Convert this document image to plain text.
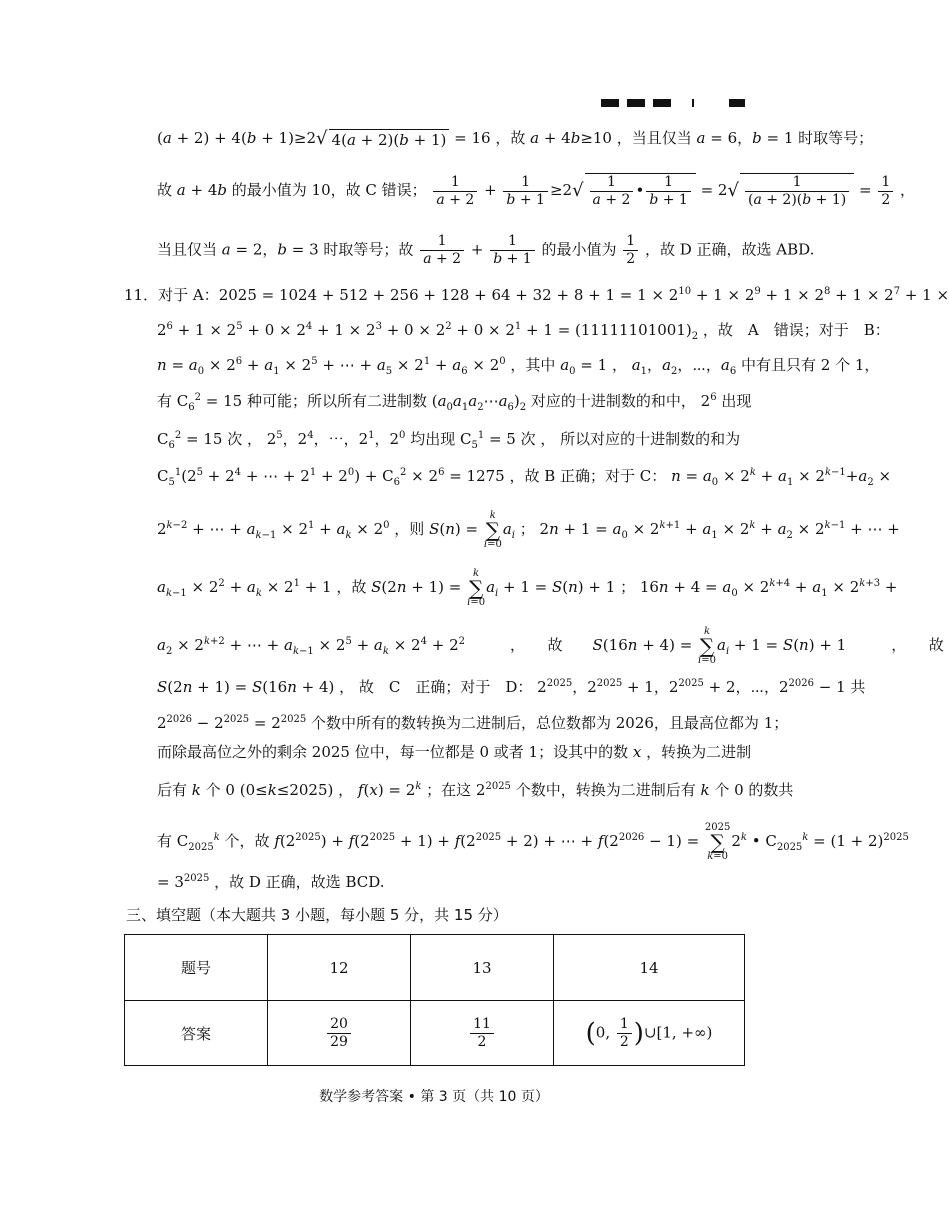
(a + 2) + 4(b + 1)≥2√ 4(a + 2)(b + 1) = 16 ，故 a + 4b≥10 ，当且仅当 a = 6，b = 1 时取等号；
故 a + 4b 的最小值为 10，故 C 错误； $\frac{1}{a + 2} + \frac{1}{b + 1} \ge 2√ \frac{1}{a + 2}$ • $\frac{1}{b + 1} = 2√ \frac{1}{(a + 2)(b + 1)} = \frac{1}{2}$ ，
当且仅当 a = 2，b = 3 时取等号；故 $\frac{1}{a + 2} + \frac{1}{b + 1}$ 的最小值为 $\frac{1}{2}$ ，故 D 正确，故选 ABD.
11．对于 A：$2025 = 1024 + 512 + 256 + 128 + 64 + 32 + 8 + 1 = 1 \times 2^{10} + 1 \times 2^9 + 1 \times 2^8 + 1 \times 2^7 + 1$ ×
$2^6 + 1 \times 2^5 + 0 \times 2^4 + 1 \times 2^3 + 0 \times 2^2 + 0 \times 2^1 + 1 = (11111101001)_2$ ，故　A　错误；对于　B：
$n = a_0 \times 2^6 + a_1 \times 2^5$ + ⋯ + $a_5 \times 2^1 + a_6 \times 2^0$ ，其中 $a_0 = 1$ ， $a_1$，$a_2$，⋯，$a_6$ 中有且只有 2 个 1，
有 $C_6^2 = 15$ 种可能；所以所有二进制数 $(a_0a_1a_2\cdots a_6)_2$ 对应的十进制数的和中， $2^6$ 出现
$C_6^2 = 15$ 次 ， $2^5$，$2^4$，⋯，$2^1$，$2^0$ 均出现 $C_5^1 = 5$ 次 ， 所以对应的十进制数的和为
$C_5^1(2^5 + 2^4$ + ⋯ + $2^1 + 2^0) + C_6^2 \times 2^6 = 1275$ ，故 B 正确；对于 C： $n = a_0 \times 2^k + a_1 \times 2^{k-1}+a_2$ ×
$2^{k-2}$ + ⋯ + $a_{k-1} \times 2^1 + a_k \times 2^0$ ，则 S(n) = k
∑
$i=0a_i$ ； $2n + 1 = a_0 \times 2^{k+1} + a_1 \times 2^k + a_2 \times 2^{k-1}$ + ⋯ +
$a_{k-1} \times 2^2 + a_k \times 2^1 + 1$ ，故 S(2n + 1) = k
∑
$i=0a_i + 1 = S(n) + 1$ ； $16n + 4 = a_0 \times 2^{k+4} + a_1 \times 2^{k+3}$ +
$a_2 \times 2^{k+2}$ + ⋯ + $a_{k-1} \times 2^5 + a_k \times 2^4 + 2^2$　　　，　　故　　S(16n + 4) = k
∑
$i=0a_i + 1 = S(n) + 1$　　　，　　故
S(2n + 1) = S(16n + 4) ， 故　C　正确；对于　D： $2^{2025}$，$2^{2025} + 1$，$2^{2025} + 2$，⋯，$2^{2026} - 1$ 共
$2^{2026} - 2^{2025} = 2^{2025}$ 个数中所有的数转换为二进制后，总位数都为 2026，且最高位都为 1；
而除最高位之外的剩余 2025 位中，每一位都是 0 或者 1；设其中的数 x ，转换为二进制
后有 k 个 0 (0≤k≤2025) ， $f(x) = 2^k$ ；在这 $2^{2025}$ 个数中，转换为二进制后有 k 个 0 的数共
有 $C_{2025}^k$ 个，故 $f(2^{2025}) + f(2^{2025} + 1) + f(2^{2025} + 2)$ + ⋯ + $f(2^{2026} - 1) = 2025$
∑
$k=02^k$ • $C_{2025}^k = (1 + 2)^{2025}$
= $3^{2025}$ ，故 D 正确，故选 BCD.
三、填空题（本大题共 3 小题，每小题 5 分，共 15 分）
题号	12	13	14
答案	$\frac{20}{29}$	$\frac{11}{2}$	(0, $\frac{1}{2}$ )∪[1, +∞)
数学参考答案 • 第 3 页（共 10 页）
